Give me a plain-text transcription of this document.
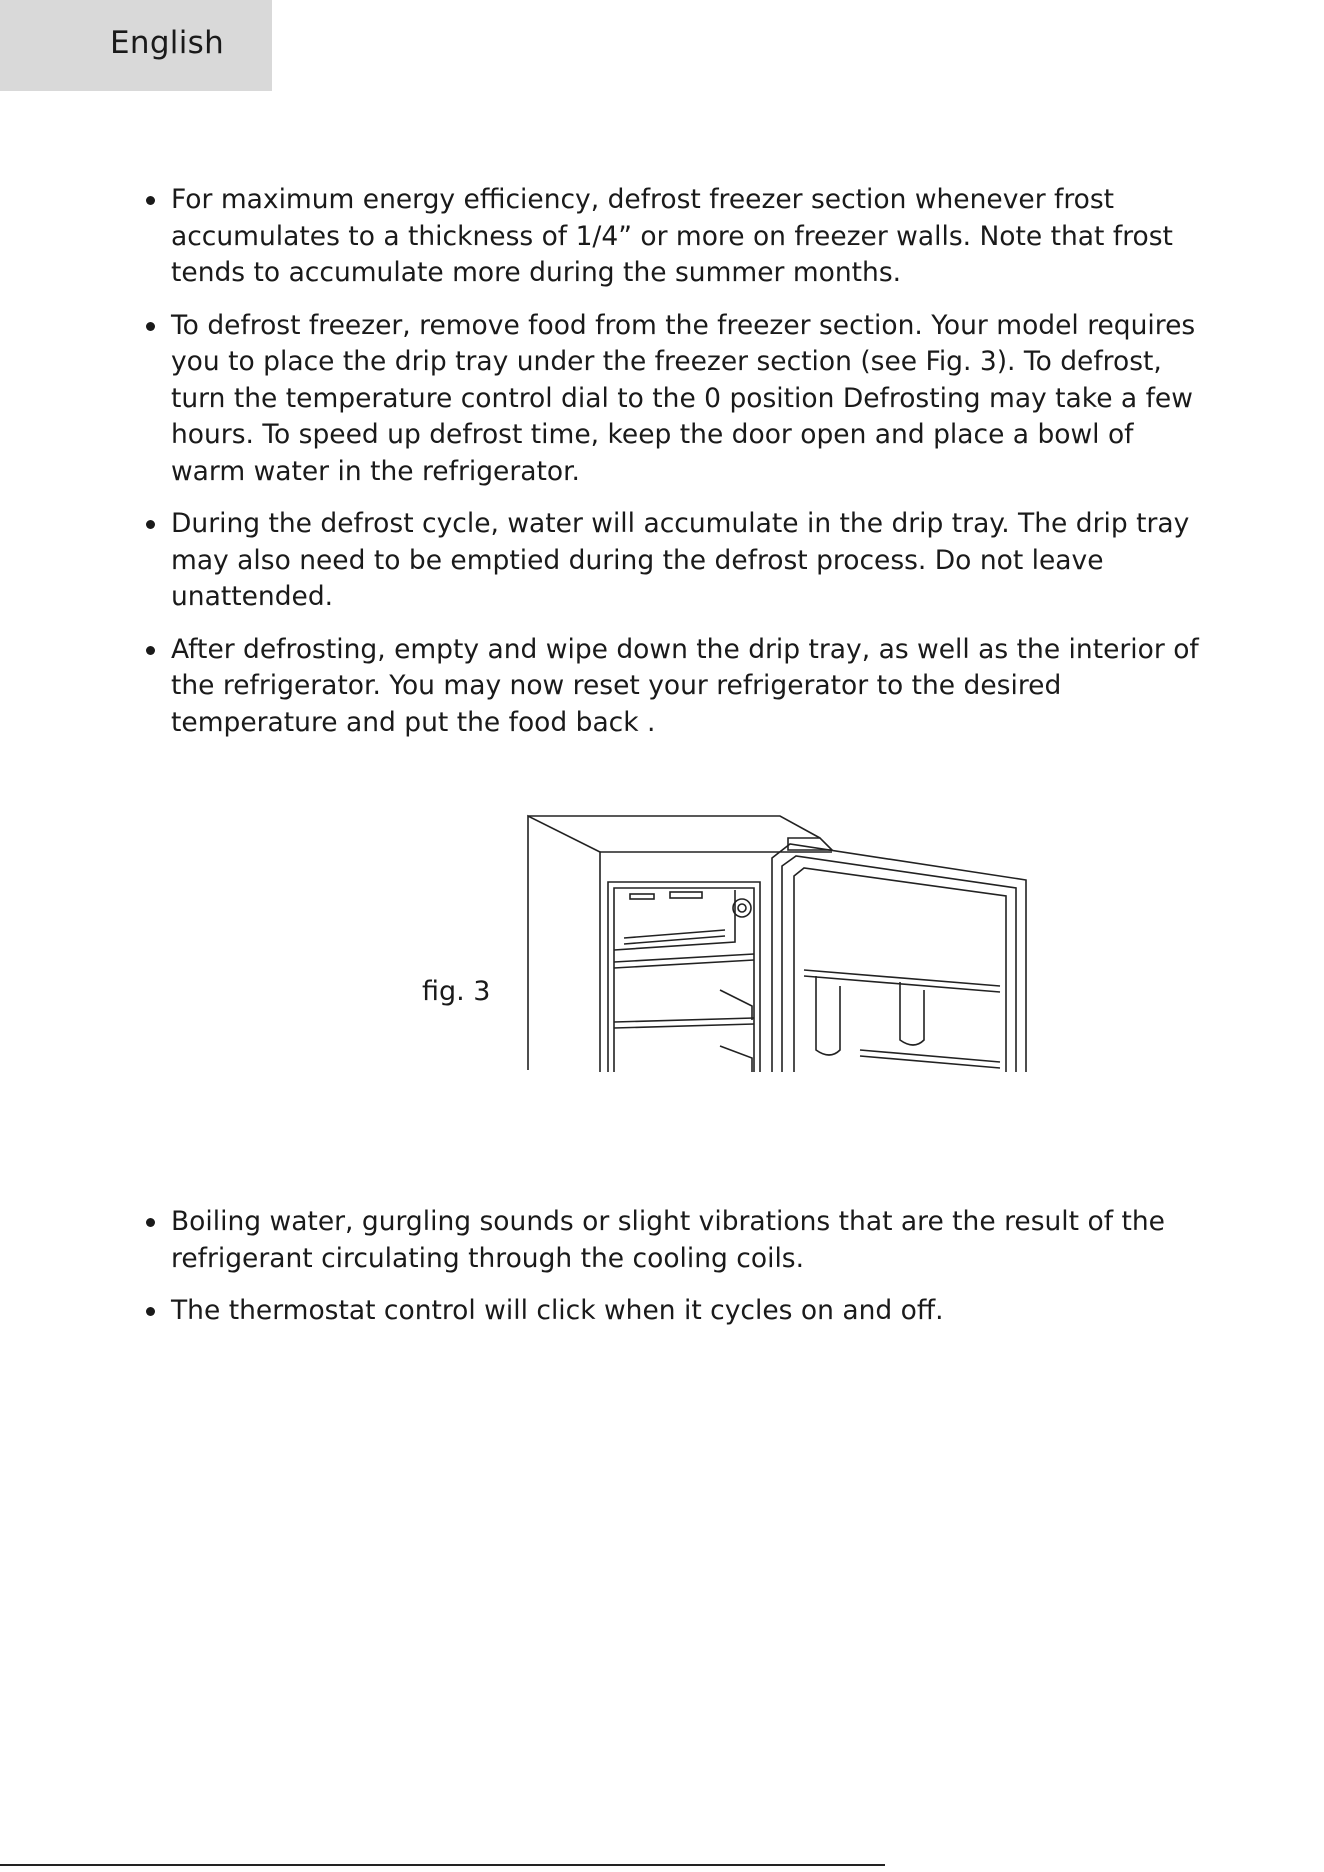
English
For maximum energy efficiency, defrost freezer section whenever frost accumulates to a thickness of 1/4” or more on freezer walls. Note that frost tends to accumulate more during the summer months.
To defrost freezer, remove food from the freezer section. Your model requires you to place the drip tray under the freezer section (see Fig. 3). To defrost, turn the temperature control dial to the 0 position Defrosting may take a few hours. To speed up defrost time, keep the door open and place a bowl of warm water in the refrigerator.
During the defrost cycle, water will accumulate in the drip tray. The drip tray may also need to be emptied during the defrost process. Do not leave unattended.
After defrosting, empty and wipe down the drip tray, as well as the interior of the refrigerator. You may now reset your refrigerator to the desired temperature and put the food back .
fig. 3
Boiling water, gurgling sounds or slight vibrations that are the result of the refrigerant circulating through the cooling coils.
The thermostat control will click when it cycles on and off.
